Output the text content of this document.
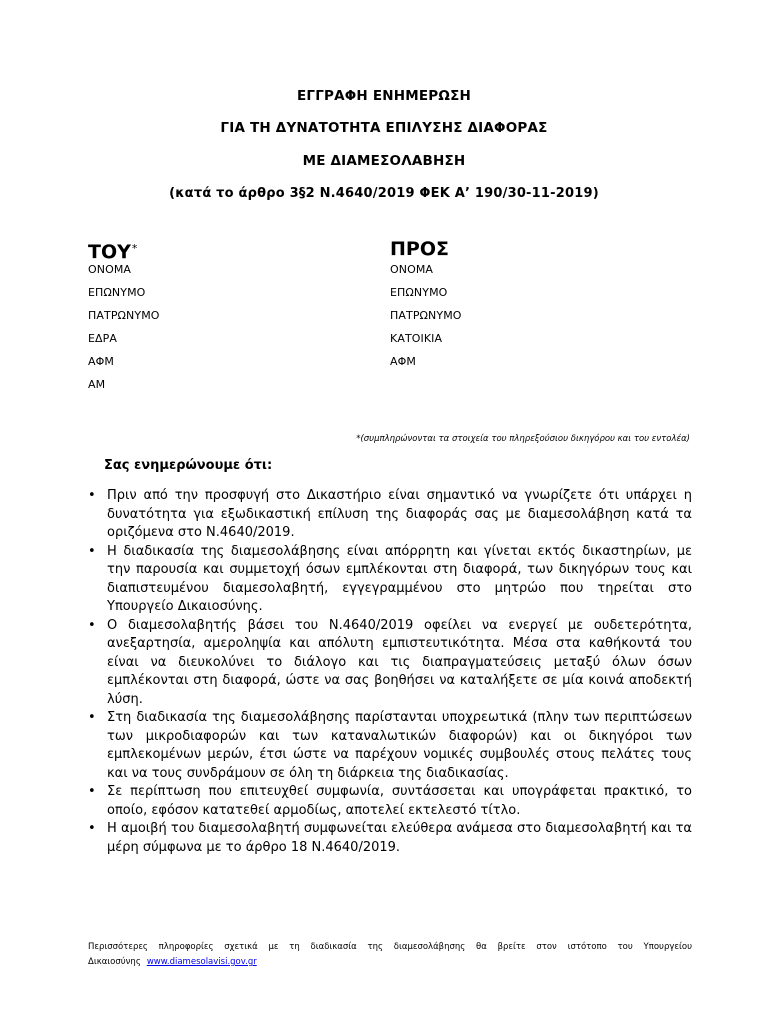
ΕΓΓΡΑΦΗ ΕΝΗΜΕΡΩΣΗ
ΓΙΑ ΤΗ ΔΥΝΑΤΟΤΗΤΑ ΕΠΙΛΥΣΗΣ ΔΙΑΦΟΡΑΣ
ΜΕ ΔΙΑΜΕΣΟΛΑΒΗΣΗ
(κατά το άρθρο 3§2 Ν.4640/2019 ΦΕΚ Α’ 190/30-11-2019)
ΤΟΥ*
ΟΝΟΜΑ
ΕΠΩΝΥΜΟ
ΠΑΤΡΩΝΥΜΟ
ΕΔΡΑ
ΑΦΜ
ΑΜ
ΠΡΟΣ
ΟΝΟΜΑ
ΕΠΩΝΥΜΟ
ΠΑΤΡΩΝΥΜΟ
ΚΑΤΟΙΚΙΑ
ΑΦΜ
*(συμπληρώνονται τα στοιχεία του πληρεξούσιου δικηγόρου και του εντολέα)
Σας ενημερώνουμε ότι:
• Πριν από την προσφυγή στο Δικαστήριο είναι σημαντικό να γνωρίζετε ότι υπάρχει η δυνατότητα για εξωδικαστική επίλυση της διαφοράς σας με διαμεσολάβηση κατά τα οριζόμενα στο Ν.4640/2019.
• Η διαδικασία της διαμεσολάβησης είναι απόρρητη και γίνεται εκτός δικαστηρίων, με την παρουσία και συμμετοχή όσων εμπλέκονται στη διαφορά, των δικηγόρων τους και διαπιστευμένου διαμεσολαβητή, εγγεγραμμένου στο μητρώο που τηρείται στο Υπουργείο Δικαιοσύνης.
• Ο διαμεσολαβητής βάσει του Ν.4640/2019 οφείλει να ενεργεί με ουδετερότητα, ανεξαρτησία, αμεροληψία και απόλυτη εμπιστευτικότητα. Μέσα στα καθήκοντά του είναι να διευκολύνει το διάλογο και τις διαπραγματεύσεις μεταξύ όλων όσων εμπλέκονται στη διαφορά, ώστε να σας βοηθήσει να καταλήξετε σε μία κοινά αποδεκτή λύση.
• Στη διαδικασία της διαμεσολάβησης παρίστανται υποχρεωτικά (πλην των περιπτώσεων των μικροδιαφορών και των καταναλωτικών διαφορών) και οι δικηγόροι των εμπλεκομένων μερών, έτσι ώστε να παρέχουν νομικές συμβουλές στους πελάτες τους και να τους συνδράμουν σε όλη τη διάρκεια της διαδικασίας.
• Σε περίπτωση που επιτευχθεί συμφωνία, συντάσσεται και υπογράφεται πρακτικό, το οποίο, εφόσον κατατεθεί αρμοδίως, αποτελεί εκτελεστό τίτλο.
• Η αμοιβή του διαμεσολαβητή συμφωνείται ελεύθερα ανάμεσα στο διαμεσολαβητή και τα μέρη σύμφωνα με το άρθρο 18 Ν.4640/2019.
Περισσότερες πληροφορίες σχετικά με τη διαδικασία της διαμεσολάβησης θα βρείτε στον ιστότοπο του Υπουργείου Δικαιοσύνης www.diamesolavisi.gov.gr
